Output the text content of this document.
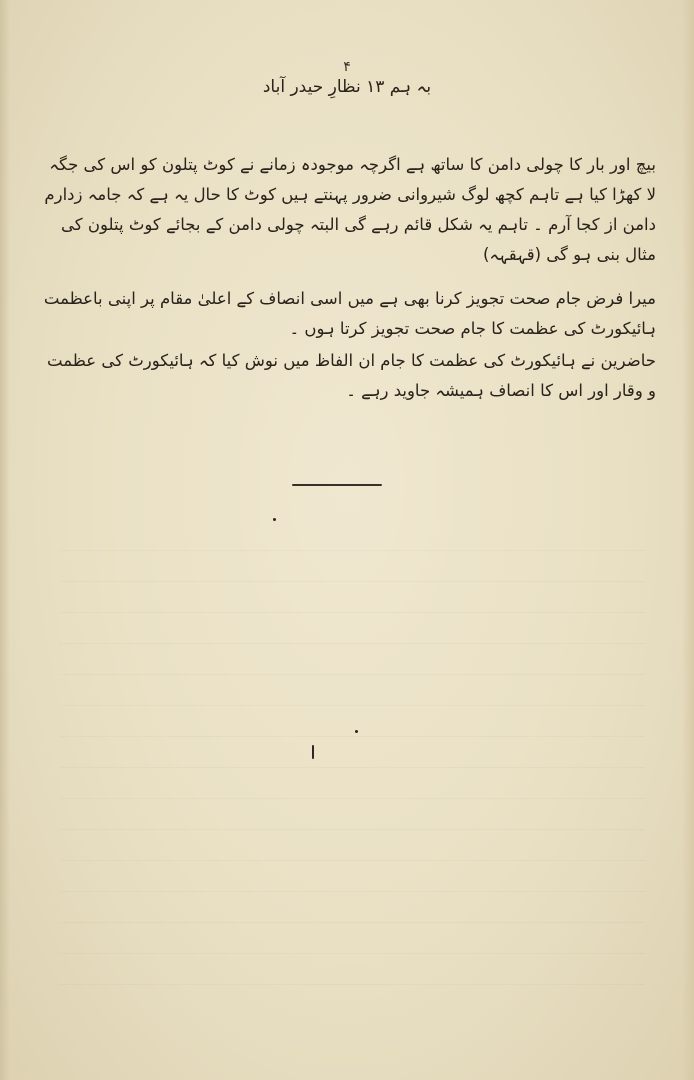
۴
بہ ہم ۱۳ نظارِ حیدر آباد

بیچ اور بار کا چولی دامن کا ساتھ ہے اگرچہ موجودہ زمانے نے کوٹ پتلون کو اس کی جگہ لا کھڑا کیا ہے تاہم کچھ لوگ شیروانی ضرور پہنتے ہیں کوٹ کا حال یہ ہے کہ جامہ زدارم دامن از کجا آرم ۔ تاہم یہ شکل قائم رہے گی البتہ چولی دامن کے بجائے کوٹ پتلون کی مثال بنی ہو گی (قہقہہ)

میرا فرض جام صحت تجویز کرنا بھی ہے میں اسی انصاف کے اعلیٰ مقام پر اپنی باعظمت ہائیکورٹ کی عظمت کا جام صحت تجویز کرتا ہوں ۔

حاضرین نے ہائیکورٹ کی عظمت کا جام ان الفاظ میں نوش کیا کہ ہائیکورٹ کی عظمت و وقار اور اس کا انصاف ہمیشہ جاوید رہے ۔
